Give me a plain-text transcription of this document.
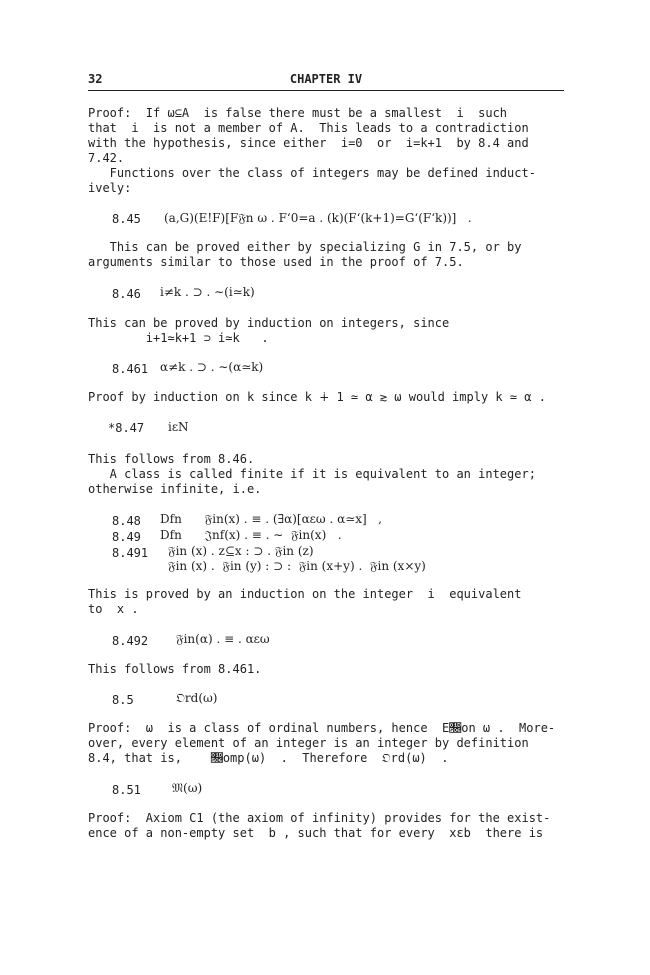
32	CHAPTER IV
Proof:  If ω⊆A  is false there must be a smallest  i  such
that  i  is not a member of A.  This leads to a contradiction
with the hypothesis, since either  i=0  or  i=k+1  by 8.4 and
7.42.
Functions over the class of integers may be defined induct-
ively:
8.45 (a,G)(E!F)[F𝔉n ω . F‘0=a . (k)(F‘(k+1)=G‘(F‘k))]   .
This can be proved either by specializing G in 7.5, or by
arguments similar to those used in the proof of 7.5.
8.46 i≠k . ⊃ . ∼(i≃k)
This can be proved by induction on integers, since
i+1≃k+1 ⊃ i≃k   .
8.461 α≠k . ⊃ . ∼(α≃k)
Proof by induction on k since k ∔ 1 ≃ α ≳ ω would imply k ≃ α .
*8.47 iεN
This follows from 8.46.
A class is called finite if it is equivalent to an integer;
otherwise infinite, i.e.
8.48 Dfn      𝔉in(x) . ≡ . (∃α)[αεω . α≃x]   ,
8.49 Dfn      𝔍nf(x) . ≡ . ∼  𝔉in(x)   .
8.491 𝔉in (x) . z⊆x : ⊃ . 𝔉in (z)
𝔉in (x) .  𝔉in (y) : ⊃ :  𝔉in (x+y) .  𝔉in (x×y)
This is proved by an induction on the integer  i  equivalent
to  x .
8.492 𝔉in(α) . ≡ . αεω
This follows from 8.461.
8.5	𝔒rd(ω)
Proof:  ω  is a class of ordinal numbers, hence  E𝔆on ω .  More-
over, every element of an integer is an integer by definition
8.4, that is,    𝔆omp(ω)  .  Therefore  𝔒rd(ω)  .
8.51	𝔐(ω)
Proof:  Axiom C1 (the axiom of infinity) provides for the exist-
ence of a non-empty set  b , such that for every  xεb  there is
